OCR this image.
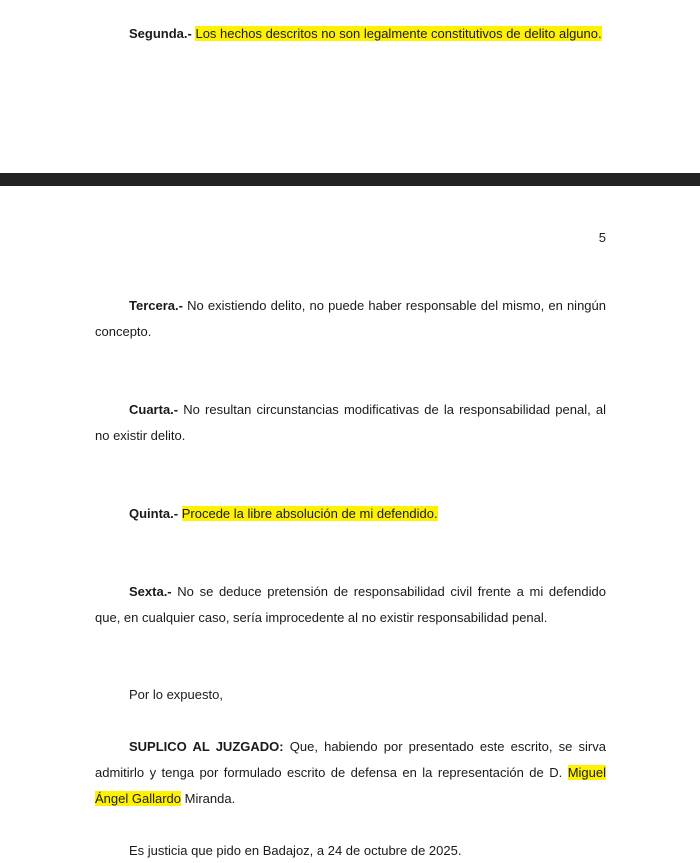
Segunda.- Los hechos descritos no son legalmente constitutivos de delito alguno.

5

Tercera.- No existiendo delito, no puede haber responsable del mismo, en ningún concepto.

Cuarta.- No resultan circunstancias modificativas de la responsabilidad penal, al no existir delito.

Quinta.- Procede la libre absolución de mi defendido.

Sexta.- No se deduce pretensión de responsabilidad civil frente a mi defendido que, en cualquier caso, sería improcedente al no existir responsabilidad penal.

Por lo expuesto,

SUPLICO AL JUZGADO: Que, habiendo por presentado este escrito, se sirva admitirlo y tenga por formulado escrito de defensa en la representación de D. Miguel Ángel Gallardo Miranda.

Es justicia que pido en Badajoz, a 24 de octubre de 2025.
